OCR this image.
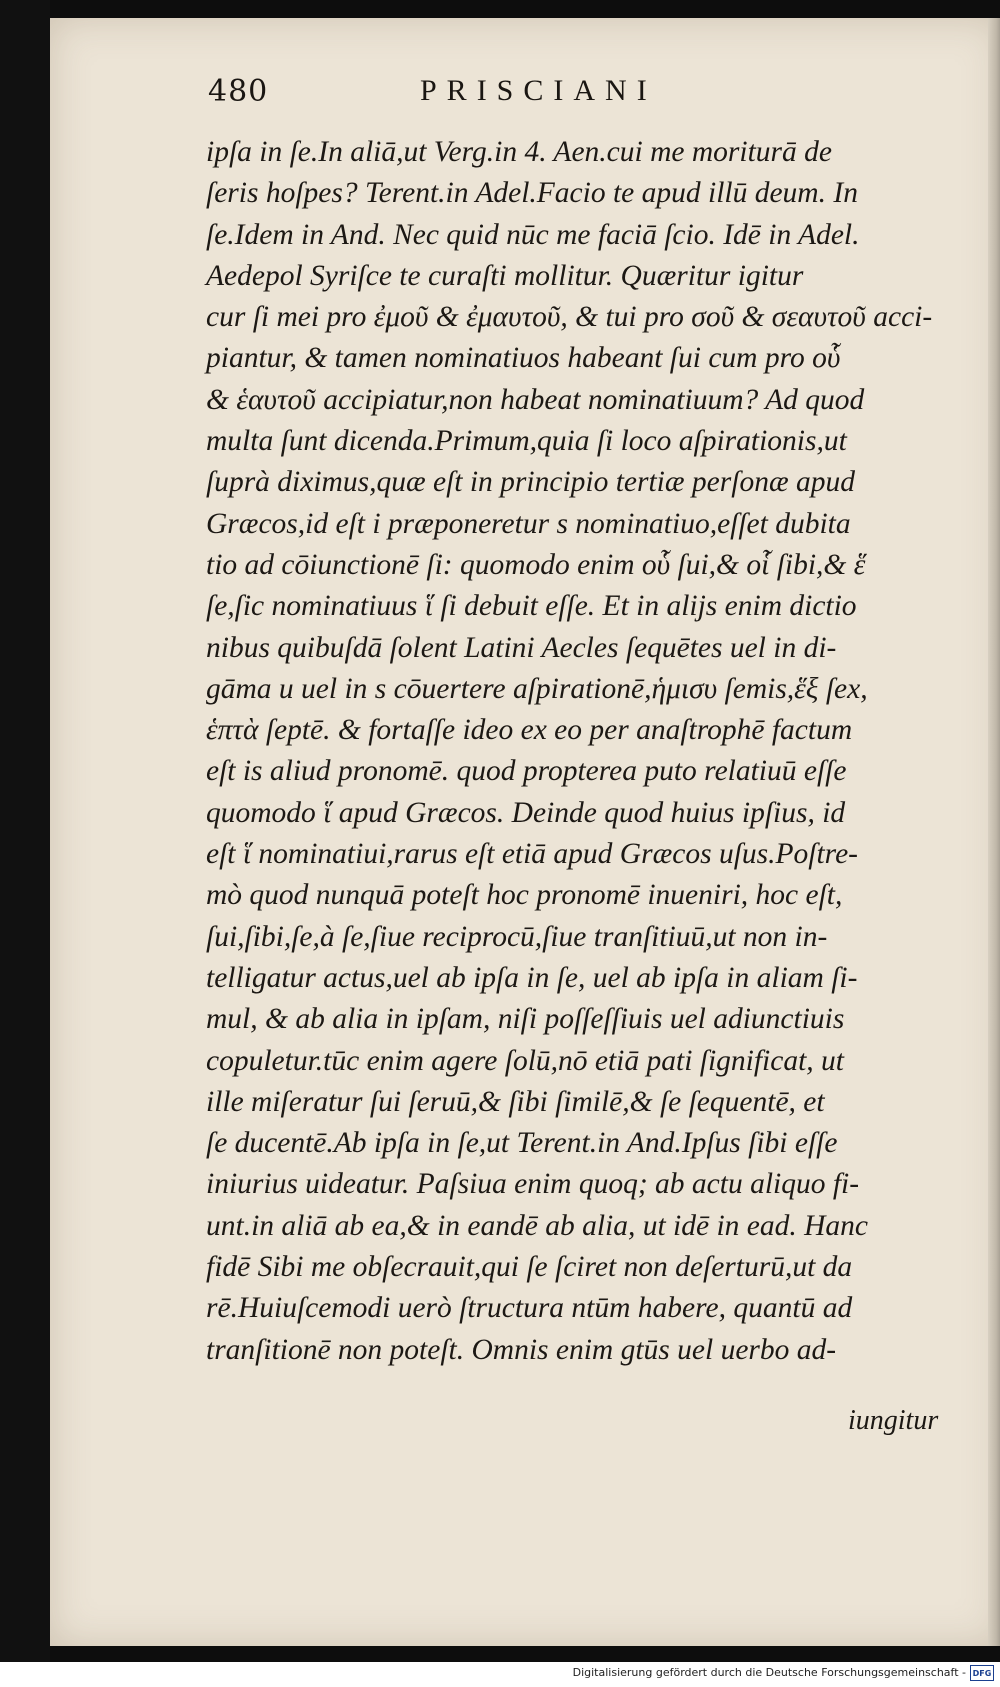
480	PRISCIANI
ipſa in ſe.In aliā,ut Verg.in 4. Aen.cui me moriturā de
ſeris hoſpes? Terent.in Adel.Facio te apud illū deum. In
ſe.Idem in And. Nec quid nūc me faciā ſcio. Idē in Adel.
Aedepol Syriſce te curaſti mollitur. Quæritur igitur
cur ſi mei pro ἐμοῦ & ἐμαυτοῦ, & tui pro σοῦ & σεαυτοῦ acci-
piantur, & tamen nominatiuos habeant ſui cum pro οὗ
& ἑαυτοῦ accipiatur,non habeat nominatiuum? Ad quod
multa ſunt dicenda.Primum,quia ſi loco aſpirationis,ut
ſuprà diximus,quæ eſt in principio tertiæ perſonæ apud
Græcos,id eſt i præponeretur s nominatiuo,eſſet dubita
tio ad cōiunctionē ſi: quomodo enim οὗ ſui,& οἷ ſibi,& ἕ
ſe,ſic nominatiuus ἵ ſi debuit eſſe. Et in alijs enim dictio
nibus quibuſdā ſolent Latini Aecles ſequētes uel in di-
gāma u uel in s cōuertere aſpirationē,ἡμισυ ſemis,ἕξ ſex,
ἑπτὰ ſeptē. & fortaſſe ideo ex eo per anaſtrophē factum
eſt is aliud pronomē. quod propterea puto relatiuū eſſe
quomodo ἵ apud Græcos. Deinde quod huius ipſius, id
eſt ἵ nominatiui,rarus eſt etiā apud Græcos uſus.Poſtre-
mò quod nunquā poteſt hoc pronomē inueniri, hoc eſt,
ſui,ſibi,ſe,à ſe,ſiue reciprocū,ſiue tranſitiuū,ut non in-
telligatur actus,uel ab ipſa in ſe, uel ab ipſa in aliam ſi-
mul, & ab alia in ipſam, niſi poſſeſſiuis uel adiunctiuis
copuletur.tūc enim agere ſolū,nō etiā pati ſignificat, ut
ille miſeratur ſui ſeruū,& ſibi ſimilē,& ſe ſequentē, et
ſe ducentē.Ab ipſa in ſe,ut Terent.in And.Ipſus ſibi eſſe
iniurius uideatur. Paſsiua enim quoq; ab actu aliquo fi-
unt.in aliā ab ea,& in eandē ab alia, ut idē in ead. Hanc
fidē Sibi me obſecrauit,qui ſe ſciret non deſerturū,ut da
rē.Huiuſcemodi uerò ſtructura ntūm habere, quantū ad
tranſitionē non poteſt. Omnis enim gtūs uel uerbo ad-
iungitur
Digitalisierung gefördert durch die Deutsche Forschungsgemeinschaft - DFG
